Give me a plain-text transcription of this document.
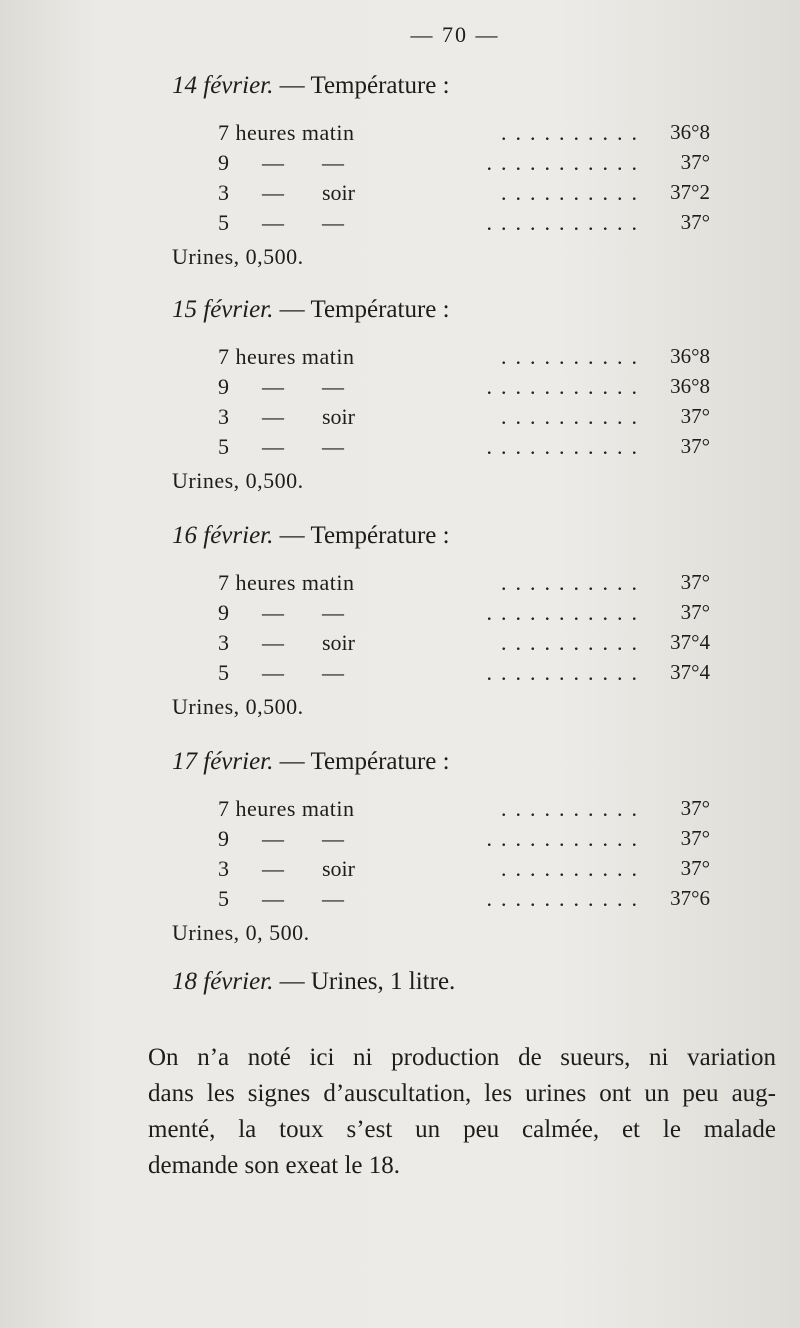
— 70 —
14 février. — Température :
7 heures matin	.......... 36°8
9	— —	........... 37°
3	— soir	.......... 37°2
5	— —	........... 37°
Urines, 0,500.
15 février. — Température :
7 heures matin	.......... 36°8
9	— —	........... 36°8
3	— soir	.......... 37°
5	— —	........... 37°
Urines, 0,500.
16 février. — Température :
7 heures matin	.......... 37°
9	— —	........... 37°
3	— soir	.......... 37°4
5	— —	........... 37°4
Urines, 0,500.
17 février. — Température :
7 heures matin	.......... 37°
9	— —	........... 37°
3	— soir	.......... 37°
5	— —	........... 37°6
Urines, 0, 500.
18 février. — Urines, 1 litre.
On n’a noté ici ni production de sueurs, ni variation
dans les signes d’auscultation, les urines ont un peu aug-
menté, la toux s’est un peu calmée, et le malade
demande son exeat le 18.
